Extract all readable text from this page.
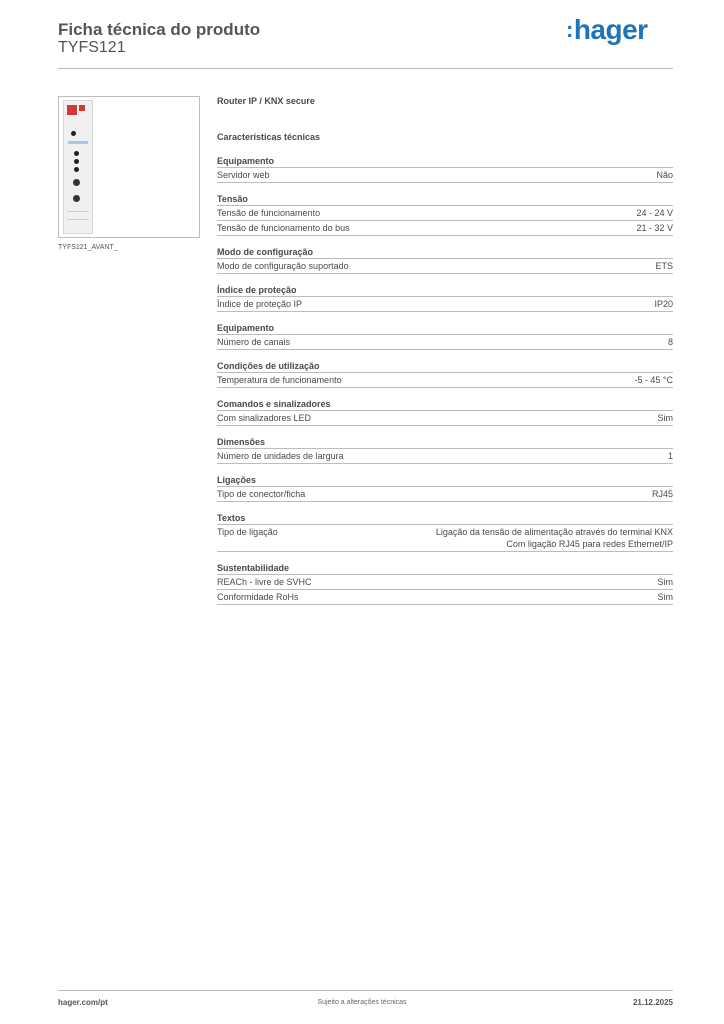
Ficha técnica do produto
TYFS121
:hager
TYFS121_AVANT_
Router IP / KNX secure
Características técnicas
Equipamento
Servidor web	Não
Tensão
Tensão de funcionamento	24 - 24 V
Tensão de funcionamento do bus	21 - 32 V
Modo de configuração
Modo de configuração suportado	ETS
Índice de proteção
Índice de proteção IP	IP20
Equipamento
Número de canais	8
Condições de utilização
Temperatura de funcionamento	-5 - 45 °C
Comandos e sinalizadores
Com sinalizadores LED	Sim
Dimensões
Número de unidades de largura	1
Ligações
Tipo de conector/ficha	RJ45
Textos
Tipo de ligação	Ligação da tensão de alimentação através do terminal KNX
Com ligação RJ45 para redes Ethernet/IP
Sustentabilidade
REACh - livre de SVHC	Sim
Conformidade RoHs	Sim
hager.com/pt	Sujeito a alterações técnicas	21.12.2025
